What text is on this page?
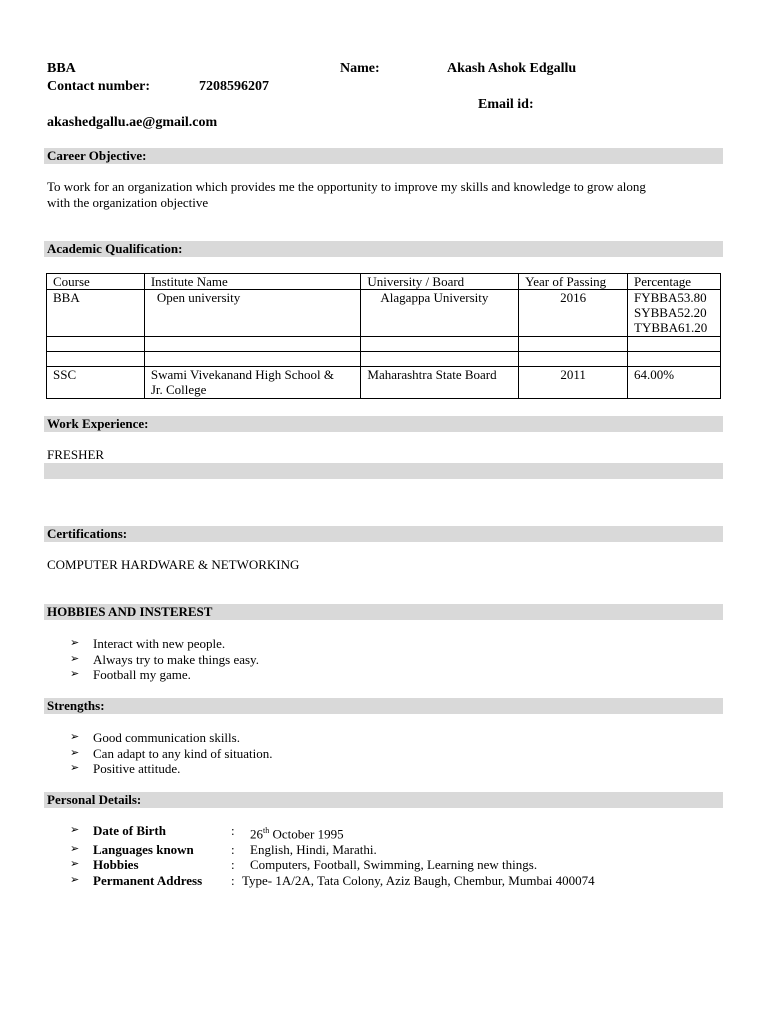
BBA	Name:	Akash Ashok Edgallu
Contact number:	7208596207
Email id:
akashedgallu.ae@gmail.com
Career Objective:
To work for an organization which provides me the opportunity to improve my skills and knowledge to grow along
with the organization objective
Academic Qualification:
Course	Institute Name	University / Board	Year of Passing	Percentage
BBA	Open university	Alagappa University	2016	FYBBA53.80
SYBBA52.20
TYBBA61.20

SSC	Swami Vivekanand High School &
Jr. College	Maharashtra State Board	2011	64.00%
Work Experience:
FRESHER
Certifications:
COMPUTER HARDWARE & NETWORKING
HOBBIES AND INSTEREST
➢	Interact with new people.
➢	Always try to make things easy.
➢	Football my game.
Strengths:
➢	Good communication skills.
➢	Can adapt to any kind of situation.
➢	Positive attitude.
Personal Details:
➢	Date of Birth	:	26th October 1995
➢	Languages known	:	English, Hindi, Marathi.
➢	Hobbies	:	Computers, Football, Swimming, Learning new things.
➢	Permanent Address	: Type- 1A/2A, Tata Colony, Aziz Baugh, Chembur, Mumbai 400074
